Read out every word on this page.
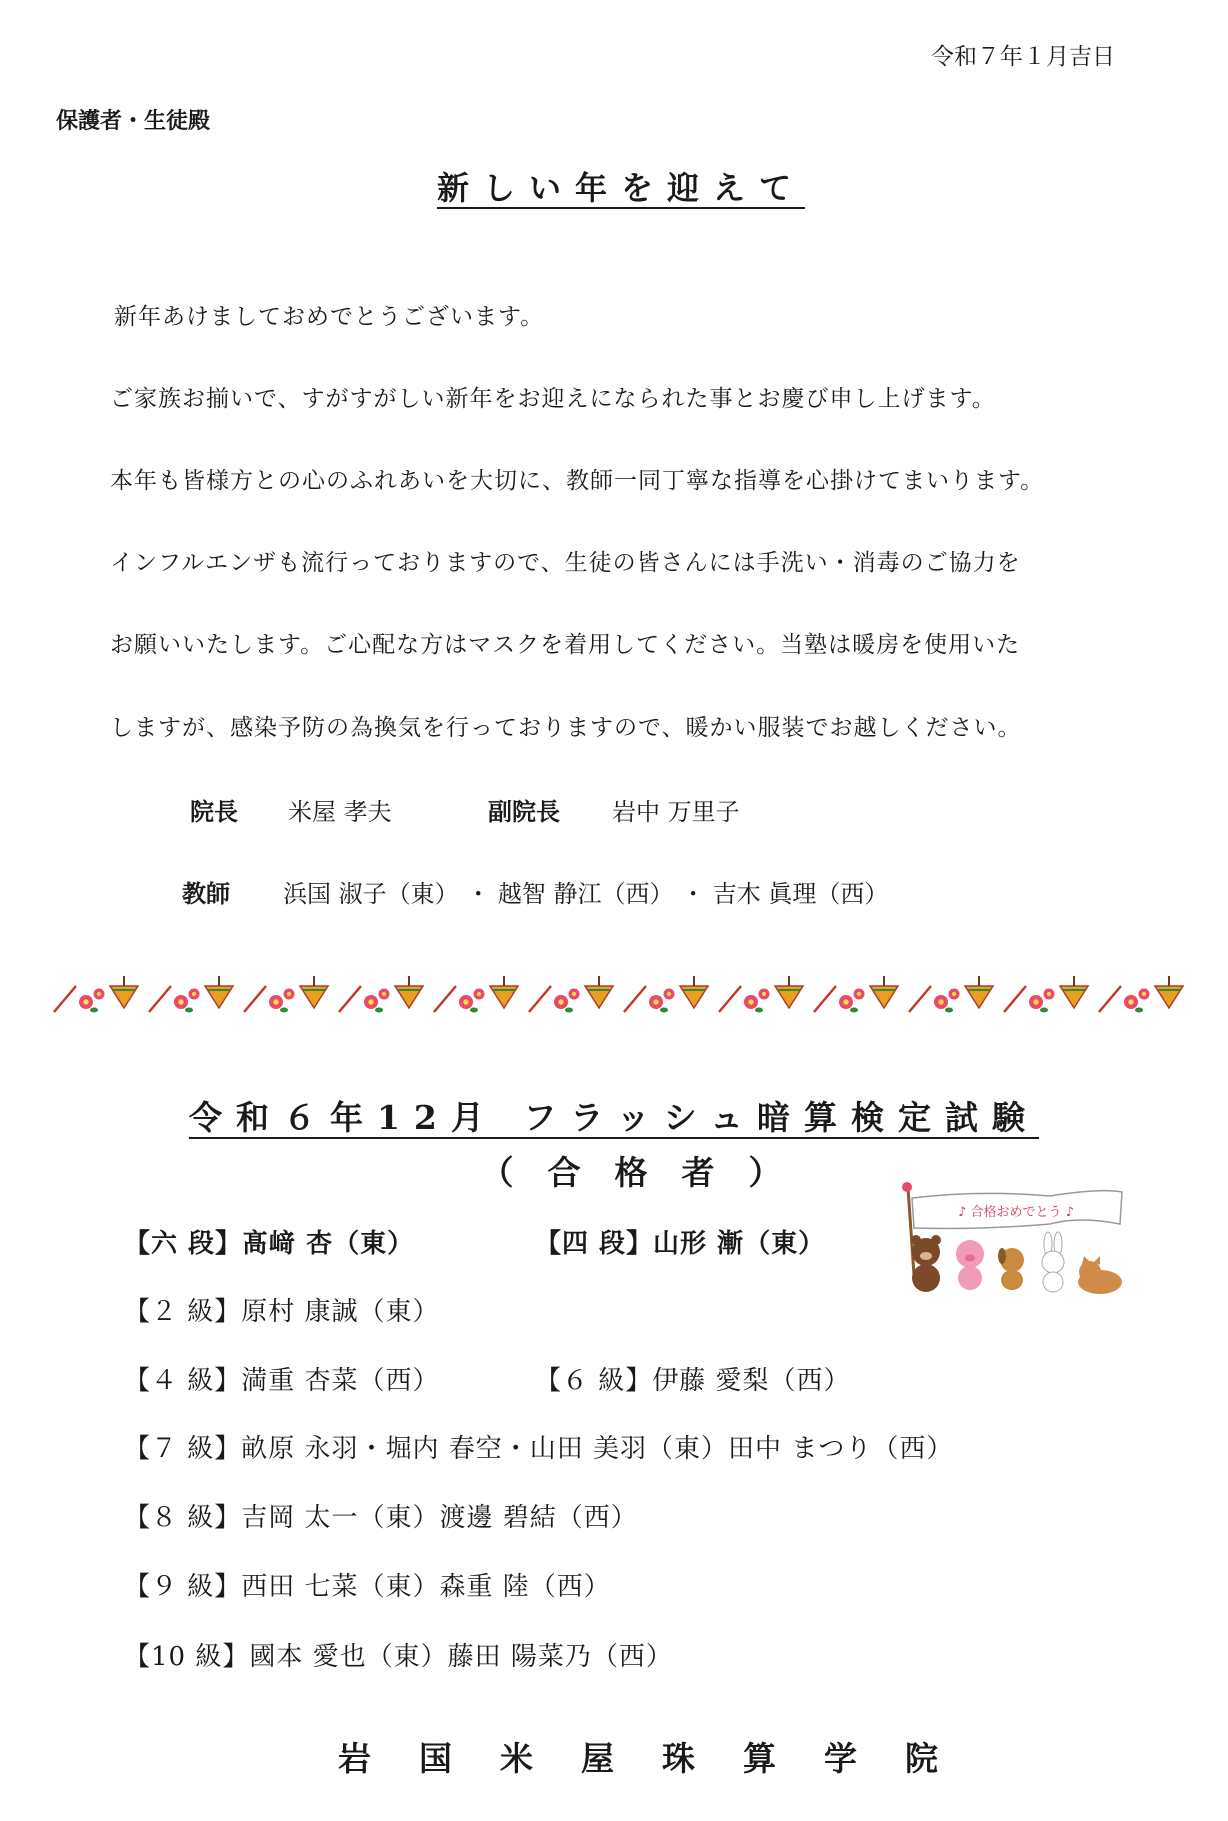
令和７年１月吉日
保護者・生徒殿
新しい年を迎えて
新年あけましておめでとうございます。
ご家族お揃いで、すがすがしい新年をお迎えになられた事とお慶び申し上げます。
本年も皆様方との心のふれあいを大切に、教師一同丁寧な指導を心掛けてまいります。
インフルエンザも流行っておりますので、生徒の皆さんには手洗い・消毒のご協力を
お願いいたします。ご心配な方はマスクを着用してください。当塾は暖房を使用いた
しますが、感染予防の為換気を行っておりますので、暖かい服装でお越しください。
院長 米屋 孝夫	副院長 岩中 万里子
教師 浜国 淑子（東） ・ 越智 静江（西） ・ 吉木 眞理（西）
令和６年12月 フラッシュ暗算検定試験
（合格者）
【六 段】髙﨑 杏（東）	【四 段】山形 漸（東）
【２ 級】原村 康誠（東）
【４ 級】満重 杏菜（西）	【６ 級】伊藤 愛梨（西）
【７ 級】畝原 永羽・堀内 春空・山田 美羽（東）田中 まつり（西）
【８ 級】吉岡 太一（東）渡邊 碧結（西）
【９ 級】西田 七菜（東）森重 陸（西）
【10 級】國本 愛也（東）藤田 陽菜乃（西）
♪ 合格おめでとう ♪
岩国米屋珠算学院
